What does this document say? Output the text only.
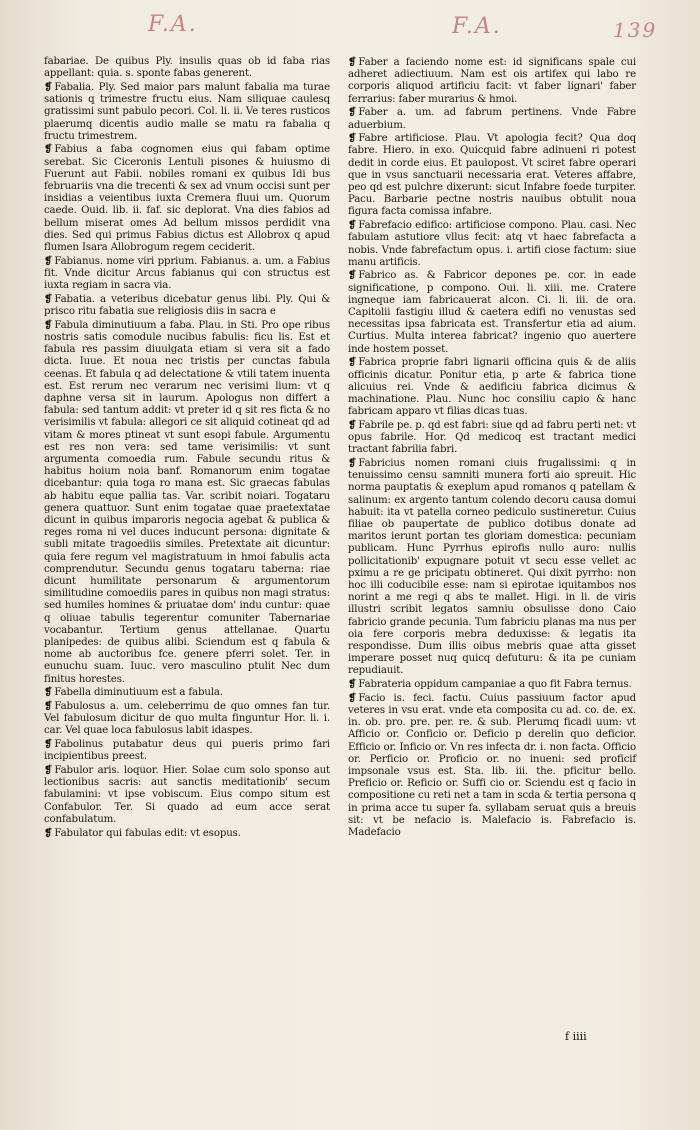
F.A.	F.A.	139

fabariae. De quibus Ply. insulis quas ob id faba rias appellant: quia. s. sponte fabas generent.

❡ Fabalia. Ply. Sed maior pars malunt fabalia ma turae sationis q trimestre fructu eius. Nam siliquae caulesq gratissimi sunt pabulo pecori. Col. li. ii. Ve teres rusticos plaerumq dicentis audio malle se matu ra fabalia q fructu trimestrem.

❡ Fabius a faba cognomen eius qui fabam optime serebat. Sic Ciceronis Lentuli pisones & huiusmo di Fuerunt aut Fabii. nobiles romani ex quibus Idi bus februariis vna die trecenti & sex ad vnum occisi sunt per insidias a veientibus iuxta Cremera fluui um. Quorum caede. Ouid. lib. ii. faf. sic deplorat. Vna dies fabios ad bellum miserat omes Ad bellum missos perdidit vna dies. Sed qui primus Fabius dictus est Allobrox q apud flumen Isara Allobrogum regem ceciderit.

❡ Fabianus. nome viri pprium. Fabianus. a. um. a Fabius fit. Vnde dicitur Arcus fabianus qui con structus est iuxta regiam in sacra via.

❡ Fabatia. a veteribus dicebatur genus libi. Ply. Qui & prisco ritu fabatia sue religiosis diis in sacra e

❡ Fabula diminutiuum a faba. Plau. in Sti. Pro ope ribus nostris satis comodule nucibus fabulis: ficu lis. Est et fabula res passim diuulgata etiam si vera sit a fado dicta. Iuue. Et noua nec tristis per cunctas fabula ceenas. Et fabula q ad delectatione & vtili tatem inuenta est. Est rerum nec verarum nec verisimi lium: vt q daphne versa sit in laurum. Apologus non differt a fabula: sed tantum addit: vt preter id q sit res ficta & no verisimilis vt fabula: allegori ce sit aliquid cotineat qd ad vitam & mores ptineat vt sunt esopi fabule. Argumentu est res non vera: sed tame verisimilis: vt sunt argumenta comoedia rum. Fabule secundu ritus & habitus hoium noia banf. Romanorum enim togatae dicebantur: quia toga ro mana est. Sic graecas fabulas ab habitu eque pallia tas. Var. scribit noiari. Togataru genera quattuor. Sunt enim togatae quae praetextatae dicunt in quibus imparoris negocia agebat & publica & reges roma ni vel duces inducunt persona: dignitate & subli mitate tragoediis similes. Pretextate ait dicuntur: quia fere regum vel magistratuum in hmoi fabulis acta comprendutur. Secundu genus togataru taberna: riae dicunt humilitate personarum & argumentorum similitudine comoediis pares in quibus non magi stratus: sed humiles homines & priuatae dom' indu cuntur: quae q oliuae tabulis tegerentur comuniter Tabernariae vocabantur. Tertium genus attellanae. Quartu planipedes: de quibus alibi. Sciendum est q fabula & nome ab auctoribus fce. genere pferri solet. Ter. in eunuchu suam. Iuuc. vero masculino ptulit Nec dum finitus horestes.

❡ Fabella diminutiuum est a fabula.

❡ Fabulosus a. um. celeberrimu de quo omnes fan tur. Vel fabulosum dicitur de quo multa finguntur Hor. li. i. car. Vel quae loca fabulosus labit idaspes.

❡ Fabolinus putabatur deus qui pueris primo fari incipientibus preest.

❡ Fabulor aris. loquor. Hier. Solae cum solo sponso aut lectionibus sacris: aut sanctis meditationib' secum fabulamini: vt ipse vobiscum. Eius compo situm est Confabulor. Ter. Si quado ad eum acce serat confabulatum.

❡ Fabulator qui fabulas edit: vt esopus.

❡ Faber a faciendo nome est: id significans spale cui adheret adiectiuum. Nam est ois artifex qui labo re corporis aliquod artificiu facit: vt faber lignari' faber ferrarius: faber murarius & hmoi.

❡ Faber a. um. ad fabrum pertinens. Vnde Fabre aduerbium.

❡ Fabre artificiose. Plau. Vt apologia fecit? Qua doq fabre. Hiero. in exo. Quicquid fabre adinueni ri potest dedit in corde eius. Et paulopost. Vt sciret fabre operari que in vsus sanctuarii necessaria erat. Veteres affabre, peo qd est pulchre dixerunt: sicut Infabre foede turpiter. Pacu. Barbarie pectne nostris nauibus obtulit noua figura facta comissa infabre.

❡ Fabrefacio edifico: artificiose compono. Plau. casi. Nec fabulam astutiore vllus fecit: atq vt haec fabrefacta a nobis. Vnde fabrefactum opus. i. artifi ciose factum: siue manu artificis.

❡ Fabrico as. & Fabricor depones pe. cor. in eade significatione, p compono. Oui. li. xiii. me. Cratere ingneque iam fabricauerat alcon. Ci. li. iii. de ora. Capitolii fastigiu illud & caetera edifi no venustas sed necessitas ipsa fabricata est. Transfertur etia ad aium. Curtius. Multa interea fabricat? ingenio quo auertere inde hostem posset.

❡ Fabrica proprie fabri lignarii officina quis & de aliis officinis dicatur. Ponitur etia, p arte & fabrica tione alicuius rei. Vnde & aedificiu fabrica dicimus & machinatione. Plau. Nunc hoc consiliu capio & hanc fabricam apparo vt filias dicas tuas.

❡ Fabrile pe. p. qd est fabri: siue qd ad fabru perti net: vt opus fabrile. Hor. Qd medicoq est tractant medici tractant fabrilia fabri.

❡ Fabricius nomen romani ciuis frugalissimi: q in tenuissimo censu samniti munera forti aio spreuit. Hic norma pauptatis & exeplum apud romanos q patellam & salinum: ex argento tantum colendo decoru causa domui habuit: ita vt patella corneo pediculo sustineretur. Cuius filiae ob paupertate de publico dotibus donate ad maritos ierunt portan tes gloriam domestica: pecuniam publicam. Hunc Pyrrhus epirofis nullo auro: nullis pollicitationib' expugnare potuit vt secu esse vellet ac pximu a re ge pricipatu obtineret. Qui dixit pyrrho: non hoc illi coducibile esse: nam si epirotae iquitambos nos norint a me regi q abs te mallet. Higi. in li. de viris illustri scribit legatos samniu obsulisse dono Caio fabricio grande pecunia. Tum fabriciu planas ma nus per oia fere corporis mebra deduxisse: & legatis ita respondisse. Dum illis oibus mebris quae atta gisset imperare posset nuq quicq defuturu: & ita pe cuniam repudiauit.

❡ Fabrateria oppidum campaniae a quo fit Fabra ternus.

❡ Facio is. feci. factu. Cuius passiuum factor apud veteres in vsu erat. vnde eta composita cu ad. co. de. ex. in. ob. pro. pre. per. re. & sub. Plerumq ficadi uum: vt Afficio or. Conficio or. Deficio p derelin quo deficior. Efficio or. Inficio or. Vn res infecta dr. i. non facta. Officio or. Perficio or. Proficio or. no inueni: sed proficif impsonale vsus est. Sta. lib. iii. the. pficitur bello. Preficio or. Reficio or. Suffi cio or. Sciendu est q facio in compositione cu reti net a tam in scda & tertia persona q in prima acce tu super fa. syllabam seruat quis a breuis sit: vt be nefacio is. Malefacio is. Fabrefacio is. Madefacio

f iiii
